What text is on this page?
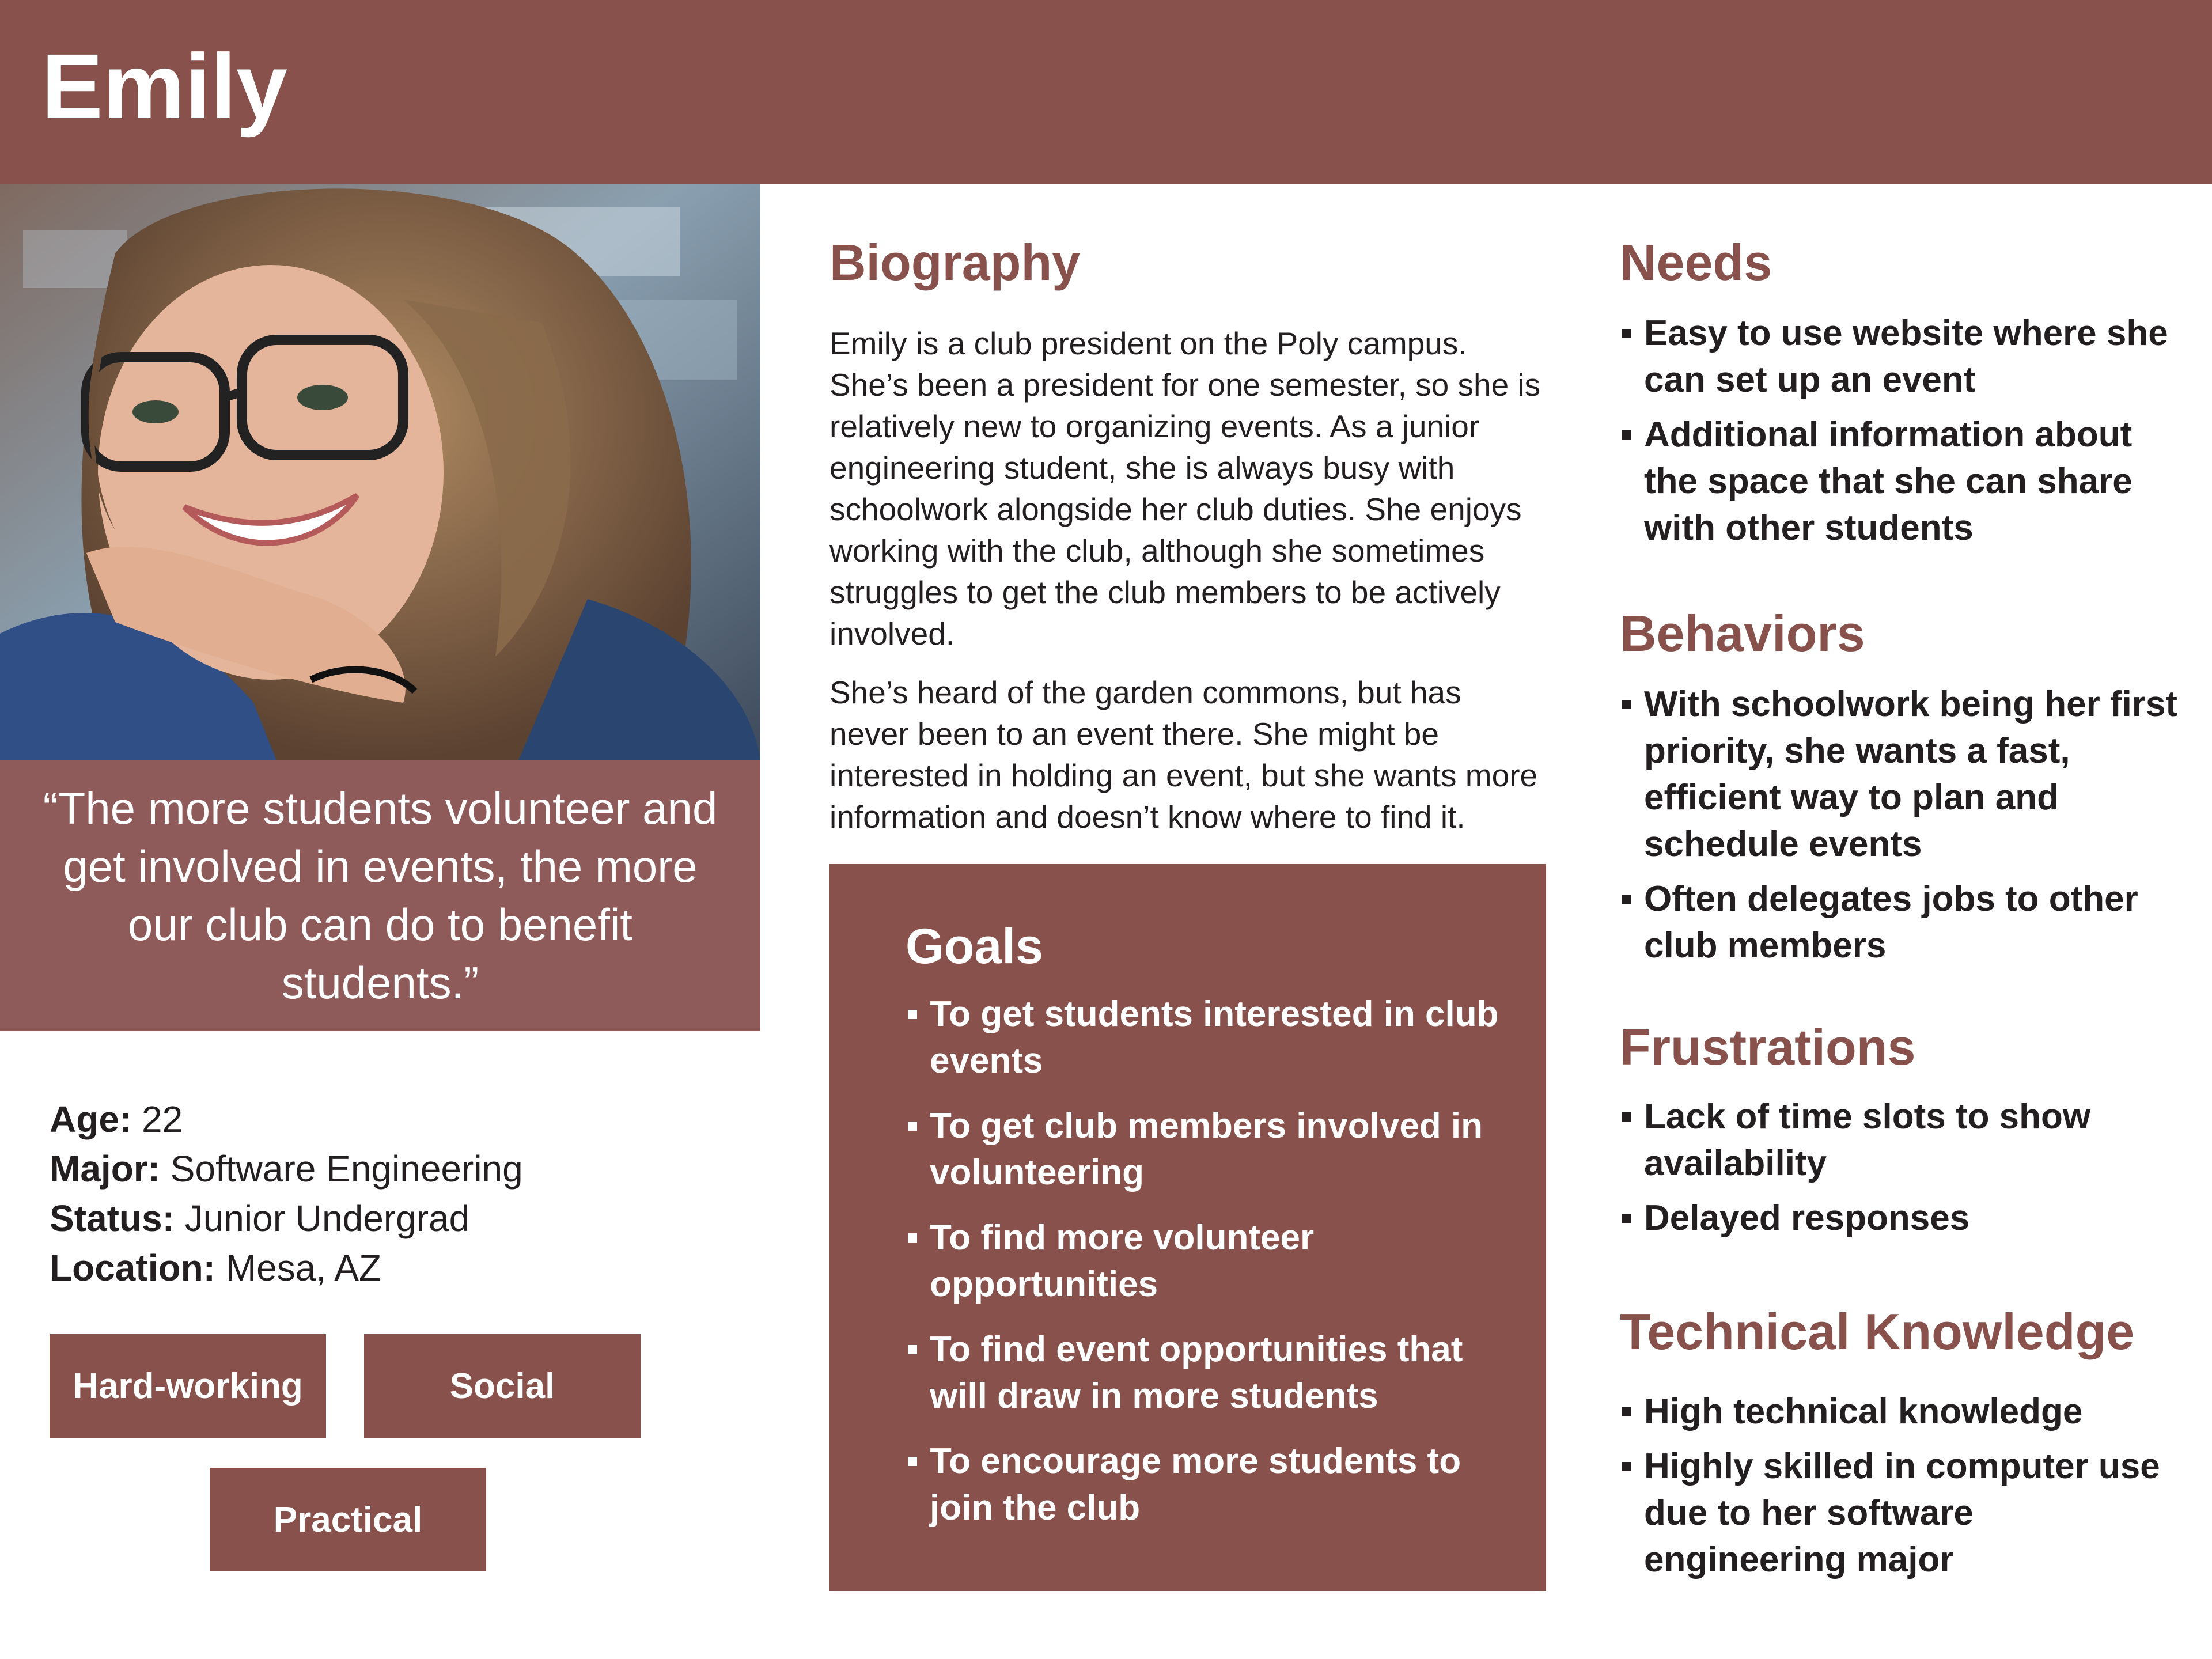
Emily

“The more students volunteer and get involved in events, the more our club can do to benefit students.”

Age: 22
Major: Software Engineering
Status: Junior Undergrad
Location: Mesa, AZ
Hard-working	Social
Practical
Biography

Emily is a club president on the Poly campus. She’s been a president for one semester, so she is relatively new to organizing events. As a junior engineering student, she is always busy with schoolwork alongside her club duties. She enjoys working with the club, although she sometimes struggles to get the club members to be actively involved.

She’s heard of the garden commons, but has never been to an event there. She might be interested in holding an event, but she wants more information and doesn’t know where to find it.

Goals
To get students interested in club events
To get club members involved in volunteering
To find more volunteer opportunities
To find event opportunities that will draw in more students
To encourage more students to join the club
Needs
Easy to use website where she can set up an event
Additional information about the space that she can share with other students
Behaviors
With schoolwork being her first priority, she wants a fast, efficient way to plan and schedule events
Often delegates jobs to other club members
Frustrations
Lack of time slots to show availability
Delayed responses
Technical Knowledge
High technical knowledge
Highly skilled in computer use due to her software engineering major
